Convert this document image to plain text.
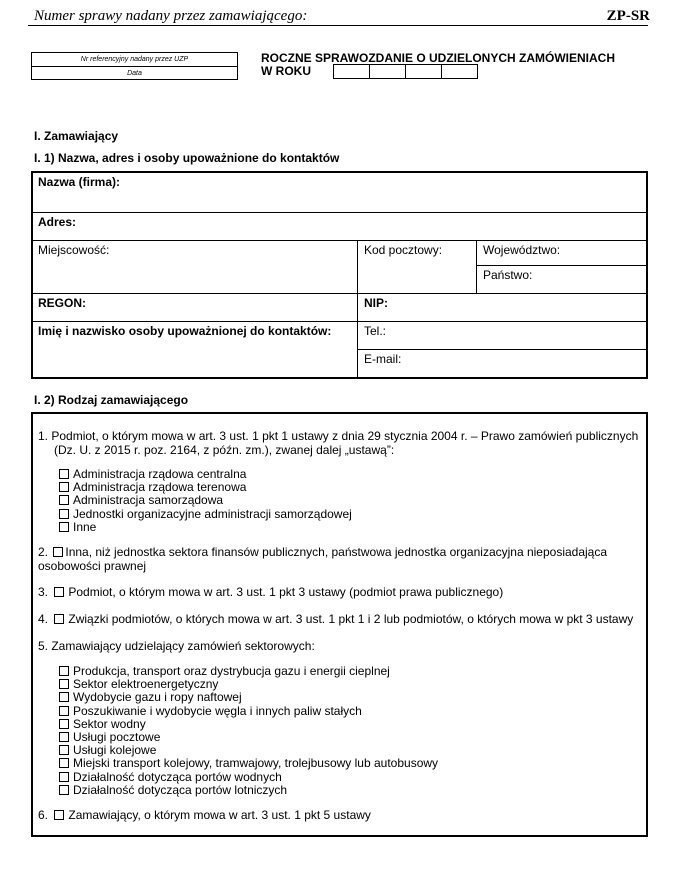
Numer sprawy nadany przez zamawiającego:	ZP-SR
Nr referencyjny nadany przez UZP
Data
ROCZNE SPRAWOZDANIE O UDZIELONYCH ZAMÓWIENIACH
W ROKU
I. Zamawiający
I. 1) Nazwa, adres i osoby upoważnione do kontaktów
Nazwa (firma):
Adres:
Miejscowość:	Kod pocztowy:	Województwo:
Państwo:
REGON:	NIP:
Imię i nazwisko osoby upoważnionej do kontaktów:	Tel.:
E-mail:
I. 2) Rodzaj zamawiającego
1. Podmiot, o którym mowa w art. 3 ust. 1 pkt 1 ustawy z dnia 29 stycznia 2004 r. – Prawo zamówień publicznych
(Dz. U. z 2015 r. poz. 2164, z późn. zm.), zwanej dalej „ustawą”:
Administracja rządowa centralna
Administracja rządowa terenowa
Administracja samorządowa
Jednostki organizacyjne administracji samorządowej
Inne
2. Inna, niż jednostka sektora finansów publicznych, państwowa jednostka organizacyjna nieposiadająca
osobowości prawnej
3. Podmiot, o którym mowa w art. 3 ust. 1 pkt 3 ustawy (podmiot prawa publicznego)
4. Związki podmiotów, o których mowa w art. 3 ust. 1 pkt 1 i 2 lub podmiotów, o których mowa w pkt 3 ustawy
5. Zamawiający udzielający zamówień sektorowych:
Produkcja, transport oraz dystrybucja gazu i energii cieplnej
Sektor elektroenergetyczny
Wydobycie gazu i ropy naftowej
Poszukiwanie i wydobycie węgla i innych paliw stałych
Sektor wodny
Usługi pocztowe
Usługi kolejowe
Miejski transport kolejowy, tramwajowy, trolejbusowy lub autobusowy
Działalność dotycząca portów wodnych
Działalność dotycząca portów lotniczych
6. Zamawiający, o którym mowa w art. 3 ust. 1 pkt 5 ustawy
